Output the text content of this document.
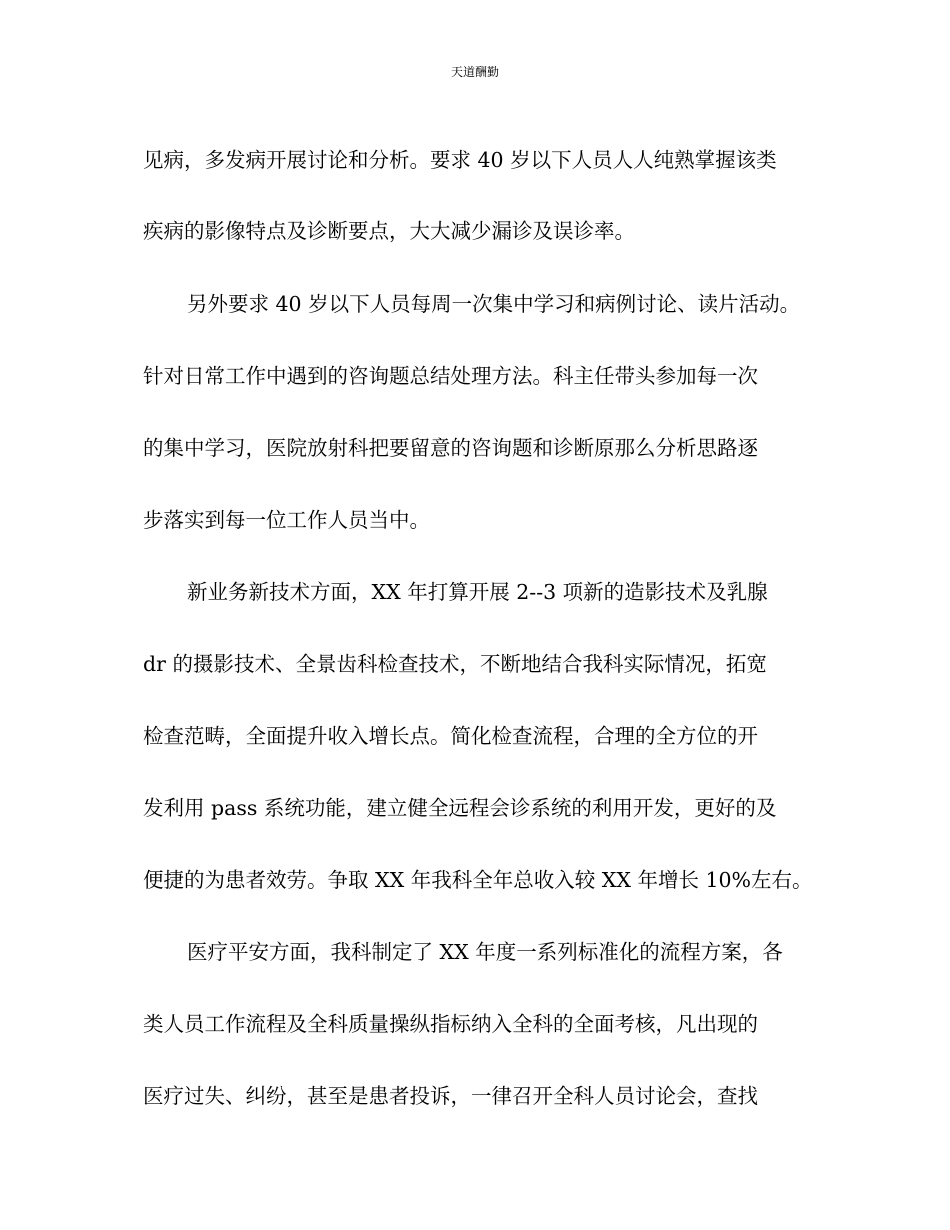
天道酬勤
见病，多发病开展讨论和分析。要求 40 岁以下人员人人纯熟掌握该类
疾病的影像特点及诊断要点，大大减少漏诊及误诊率。
另外要求 40 岁以下人员每周一次集中学习和病例讨论、读片活动。
针对日常工作中遇到的咨询题总结处理方法。科主任带头参加每一次
的集中学习，医院放射科把要留意的咨询题和诊断原那么分析思路逐
步落实到每一位工作人员当中。
新业务新技术方面，XX 年打算开展 2--3 项新的造影技术及乳腺
dr 的摄影技术、全景齿科检查技术，不断地结合我科实际情况，拓宽
检查范畴，全面提升收入增长点。简化检查流程，合理的全方位的开
发利用 pass 系统功能，建立健全远程会诊系统的利用开发，更好的及
便捷的为患者效劳。争取 XX 年我科全年总收入较 XX 年增长 10%左右。
医疗平安方面，我科制定了 XX 年度一系列标准化的流程方案，各
类人员工作流程及全科质量操纵指标纳入全科的全面考核，凡出现的
医疗过失、纠纷，甚至是患者投诉，一律召开全科人员讨论会，查找
